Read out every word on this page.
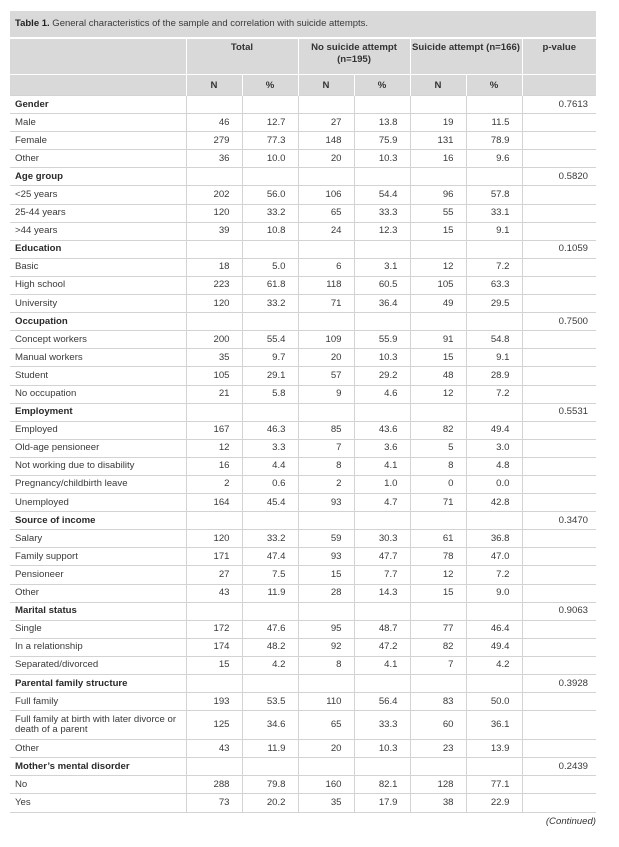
Table 1. General characteristics of the sample and correlation with suicide attempts.
	Total		No suicide attempt (n=195)		Suicide attempt (n=166)		p-value
	N	%	N	%	N	%	
Gender							0.7613
Male	46	12.7	27	13.8	19	11.5	
Female	279	77.3	148	75.9	131	78.9	
Other	36	10.0	20	10.3	16	9.6	
Age group							0.5820
<25 years	202	56.0	106	54.4	96	57.8	
25-44 years	120	33.2	65	33.3	55	33.1	
>44 years	39	10.8	24	12.3	15	9.1	
Education							0.1059
Basic	18	5.0	6	3.1	12	7.2	
High school	223	61.8	118	60.5	105	63.3	
University	120	33.2	71	36.4	49	29.5	
Occupation							0.7500
Concept workers	200	55.4	109	55.9	91	54.8	
Manual workers	35	9.7	20	10.3	15	9.1	
Student	105	29.1	57	29.2	48	28.9	
No occupation	21	5.8	9	4.6	12	7.2	
Employment							0.5531
Employed	167	46.3	85	43.6	82	49.4	
Old-age pensioneer	12	3.3	7	3.6	5	3.0	
Not working due to disability	16	4.4	8	4.1	8	4.8	
Pregnancy/childbirth leave	2	0.6	2	1.0	0	0.0	
Unemployed	164	45.4	93	4.7	71	42.8	
Source of income							0.3470
Salary	120	33.2	59	30.3	61	36.8	
Family support	171	47.4	93	47.7	78	47.0	
Pensioneer	27	7.5	15	7.7	12	7.2	
Other	43	11.9	28	14.3	15	9.0	
Marital status							0.9063
Single	172	47.6	95	48.7	77	46.4	
In a relationship	174	48.2	92	47.2	82	49.4	
Separated/divorced	15	4.2	8	4.1	7	4.2	
Parental family structure							0.3928
Full family	193	53.5	110	56.4	83	50.0	
Full family at birth with later divorce or death of a parent	125	34.6	65	33.3	60	36.1	
Other	43	11.9	20	10.3	23	13.9	
Mother’s mental disorder							0.2439
No	288	79.8	160	82.1	128	77.1	
Yes	73	20.2	35	17.9	38	22.9	
(Continued)
